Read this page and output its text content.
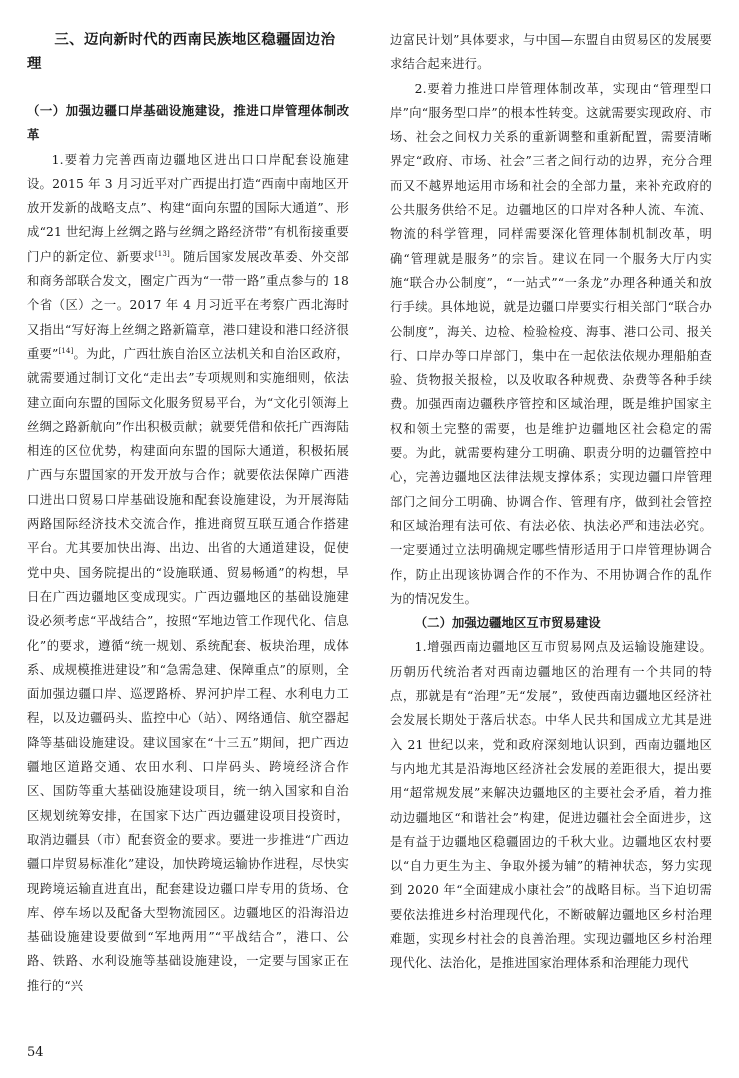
三、迈向新时代的西南民族地区稳疆固边治理
（一）加强边疆口岸基础设施建设，推进口岸管理体制改革

1.要着力完善西南边疆地区进出口口岸配套设施建设。2015 年 3 月习近平对广西提出打造“西南中南地区开放开发新的战略支点”、构建“面向东盟的国际大通道”、形成“21 世纪海上丝绸之路与丝绸之路经济带”有机衔接重要门户的新定位、新要求[13]。随后国家发展改革委、外交部和商务部联合发文，圈定广西为“一带一路”重点参与的 18 个省（区）之一。2017 年 4 月习近平在考察广西北海时又指出“写好海上丝绸之路新篇章，港口建设和港口经济很重要”[14]。为此，广西壮族自治区立法机关和自治区政府，就需要通过制订文化“走出去”专项规则和实施细则，依法建立面向东盟的国际文化服务贸易平台，为“文化引领海上丝绸之路新航向”作出积极贡献；就要凭借和依托广西海陆相连的区位优势，构建面向东盟的国际大通道，积极拓展广西与东盟国家的开发开放与合作；就要依法保障广西港口进出口贸易口岸基础设施和配套设施建设，为开展海陆两路国际经济技术交流合作，推进商贸互联互通合作搭建平台。尤其要加快出海、出边、出省的大通道建设，促使党中央、国务院提出的“设施联通、贸易畅通”的构想，早日在广西边疆地区变成现实。广西边疆地区的基础设施建设必须考虑“平战结合”，按照“军地边管工作现代化、信息化”的要求，遵循“统一规划、系统配套、板块治理，成体系、成规模推进建设”和“急需急建、保障重点”的原则，全面加强边疆口岸、巡逻路桥、界河护岸工程、水利电力工程，以及边疆码头、监控中心（站）、网络通信、航空器起降等基础设施建设。建议国家在“十三五”期间，把广西边疆地区道路交通、农田水利、口岸码头、跨境经济合作区、国防等重大基础设施建设项目，统一纳入国家和自治区规划统筹安排，在国家下达广西边疆建设项目投资时，取消边疆县（市）配套资金的要求。要进一步推进“广西边疆口岸贸易标准化”建设，加快跨境运输协作进程，尽快实现跨境运输直进直出，配套建设边疆口岸专用的货场、仓库、停车场以及配备大型物流园区。边疆地区的沿海沿边基础设施建设要做到“军地两用”“平战结合”，港口、公路、铁路、水利设施等基础设施建设，一定要与国家正在推行的“兴

边富民计划”具体要求，与中国—东盟自由贸易区的发展要求结合起来进行。

2.要着力推进口岸管理体制改革，实现由“管理型口岸”向“服务型口岸”的根本性转变。这就需要实现政府、市场、社会之间权力关系的重新调整和重新配置，需要清晰界定“政府、市场、社会”三者之间行动的边界，充分合理而又不越界地运用市场和社会的全部力量，来补充政府的公共服务供给不足。边疆地区的口岸对各种人流、车流、物流的科学管理，同样需要深化管理体制机制改革，明确“管理就是服务”的宗旨。建议在同一个服务大厅内实施“联合办公制度”，“一站式”“一条龙”办理各种通关和放行手续。具体地说，就是边疆口岸要实行相关部门“联合办公制度”，海关、边检、检验检疫、海事、港口公司、报关行、口岸办等口岸部门，集中在一起依法依规办理船舶查验、货物报关报检，以及收取各种规费、杂费等各种手续费。加强西南边疆秩序管控和区域治理，既是维护国家主权和领土完整的需要，也是维护边疆地区社会稳定的需要。为此，就需要构建分工明确、职责分明的边疆管控中心，完善边疆地区法律法规支撑体系；实现边疆口岸管理部门之间分工明确、协调合作、管理有序，做到社会管控和区域治理有法可依、有法必依、执法必严和违法必究。一定要通过立法明确规定哪些情形适用于口岸管理协调合作，防止出现该协调合作的不作为、不用协调合作的乱作为的情况发生。

（二）加强边疆地区互市贸易建设

1.增强西南边疆地区互市贸易网点及运输设施建设。历朝历代统治者对西南边疆地区的治理有一个共同的特点，那就是有“治理”无“发展”，致使西南边疆地区经济社会发展长期处于落后状态。中华人民共和国成立尤其是进入 21 世纪以来，党和政府深刻地认识到，西南边疆地区与内地尤其是沿海地区经济社会发展的差距很大，提出要用“超常规发展”来解决边疆地区的主要社会矛盾，着力推动边疆地区“和谐社会”构建，促进边疆社会全面进步，这是有益于边疆地区稳疆固边的千秋大业。边疆地区农村要以“自力更生为主、争取外援为辅”的精神状态，努力实现到 2020 年“全面建成小康社会”的战略目标。当下迫切需要依法推进乡村治理现代化，不断破解边疆地区乡村治理难题，实现乡村社会的良善治理。实现边疆地区乡村治理现代化、法治化，是推进国家治理体系和治理能力现代

54
